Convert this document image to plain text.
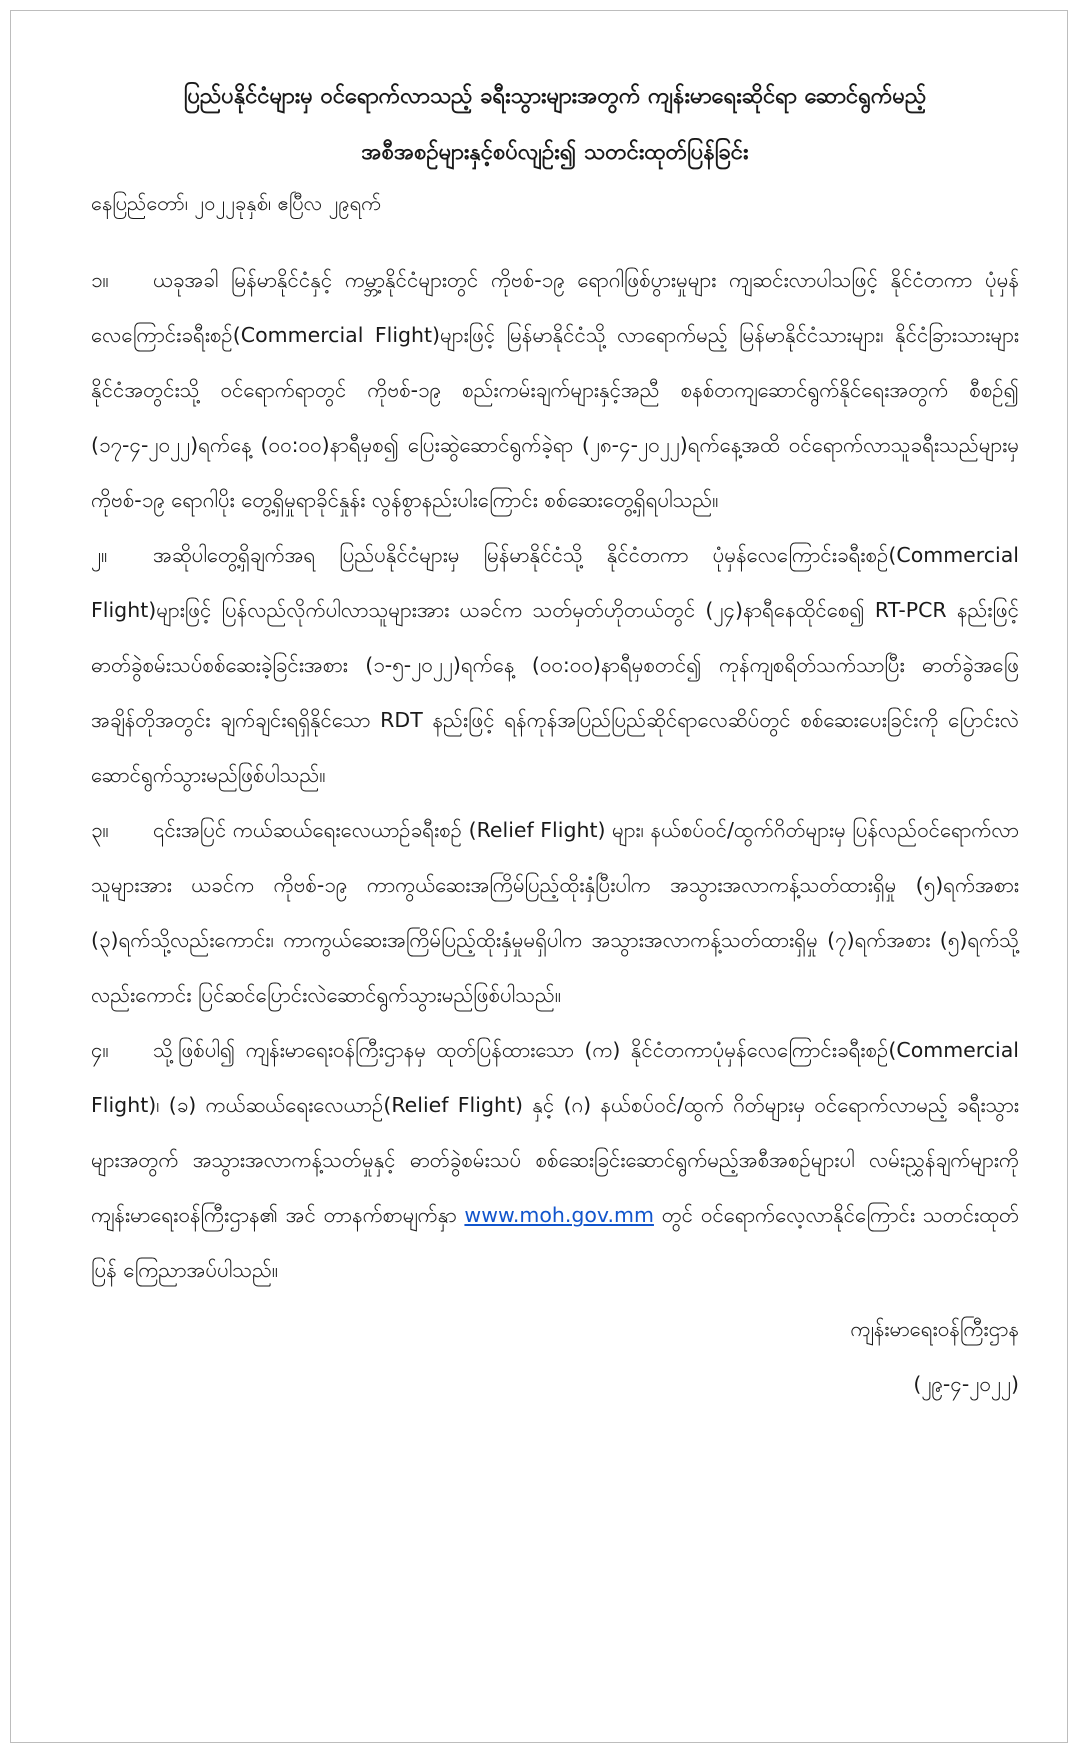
ပြည်ပနိုင်ငံများမှ ဝင်ရောက်လာသည့် ခရီးသွားများအတွက် ကျန်းမာရေးဆိုင်ရာ ဆောင်ရွက်မည့်

အစီအစဉ်များနှင့်စပ်လျဉ်း၍ သတင်းထုတ်ပြန်ခြင်း

နေပြည်တော်၊ ၂၀၂၂ခုနှစ်၊ ဧပြီလ ၂၉ရက်

၁။ ယခုအခါ မြန်မာနိုင်ငံနှင့် ကမ္ဘာ့နိုင်ငံများတွင် ကိုဗစ်-၁၉ ရောဂါဖြစ်ပွားမှုများ ကျဆင်းလာပါသဖြင့် နိုင်ငံတကာ ပုံမှန်လေကြောင်းခရီးစဉ်(Commercial Flight)များဖြင့် မြန်မာနိုင်ငံသို့ လာရောက်မည့် မြန်မာနိုင်ငံသားများ၊ နိုင်ငံခြားသားများ နိုင်ငံအတွင်းသို့ ဝင်ရောက်ရာတွင် ကိုဗစ်-၁၉ စည်းကမ်းချက်များနှင့်အညီ စနစ်တကျဆောင်ရွက်နိုင်ရေးအတွက် စီစဉ်၍ (၁၇-၄-၂၀၂၂)ရက်နေ့ (၀၀:၀၀)နာရီမှစ၍ ပြေးဆွဲဆောင်ရွက်ခဲ့ရာ (၂၈-၄-၂၀၂၂)ရက်နေ့အထိ ဝင်ရောက်လာသူခရီးသည်များမှ ကိုဗစ်-၁၉ ရောဂါပိုး တွေ့ရှိမှုရာခိုင်နှုန်း လွန်စွာနည်းပါးကြောင်း စစ်ဆေးတွေ့ရှိရပါသည်။

၂။ အဆိုပါတွေ့ရှိချက်အရ ပြည်ပနိုင်ငံများမှ မြန်မာနိုင်ငံသို့ နိုင်ငံတကာ ပုံမှန်လေကြောင်းခရီးစဉ်(Commercial Flight)များဖြင့် ပြန်လည်လိုက်ပါလာသူများအား ယခင်က သတ်မှတ်ဟိုတယ်တွင် (၂၄)နာရီနေထိုင်စေ၍ RT-PCR နည်းဖြင့် ဓာတ်ခွဲစမ်းသပ်စစ်ဆေးခဲ့ခြင်းအစား (၁-၅-၂၀၂၂)ရက်နေ့ (၀၀:၀၀)နာရီမှစတင်၍ ကုန်ကျစရိတ်သက်သာပြီး ဓာတ်ခွဲအဖြေ အချိန်တိုအတွင်း ချက်ချင်းရရှိနိုင်သော RDT နည်းဖြင့် ရန်ကုန်အပြည်ပြည်ဆိုင်ရာလေဆိပ်တွင် စစ်ဆေးပေးခြင်းကို ပြောင်းလဲဆောင်ရွက်သွားမည်ဖြစ်ပါသည်။

၃။ ၎င်းအပြင် ကယ်ဆယ်ရေးလေယာဉ်ခရီးစဉ် (Relief Flight) များ၊ နယ်စပ်ဝင်/ထွက်ဂိတ်များမှ ပြန်လည်ဝင်ရောက်လာသူများအား ယခင်က ကိုဗစ်-၁၉ ကာကွယ်ဆေးအကြိမ်ပြည့်ထိုးနှံပြီးပါက အသွားအလာကန့်သတ်ထားရှိမှု (၅)ရက်အစား (၃)ရက်သို့လည်းကောင်း၊ ကာကွယ်ဆေးအကြိမ်ပြည့်ထိုးနှံမှုမရှိပါက အသွားအလာကန့်သတ်ထားရှိမှု (၇)ရက်အစား (၅)ရက်သို့လည်းကောင်း ပြင်ဆင်ပြောင်းလဲဆောင်ရွက်သွားမည်ဖြစ်ပါသည်။

၄။ သို့ဖြစ်ပါ၍ ကျန်းမာရေးဝန်ကြီးဌာနမှ ထုတ်ပြန်ထားသော (က) နိုင်ငံတကာပုံမှန်လေကြောင်းခရီးစဉ်(Commercial Flight)၊ (ခ) ကယ်ဆယ်ရေးလေယာဉ်(Relief Flight) နှင့် (ဂ) နယ်စပ်ဝင်/ထွက် ဂိတ်များမှ ဝင်ရောက်လာမည့် ခရီးသွားများအတွက် အသွားအလာကန့်သတ်မှုနှင့် ဓာတ်ခွဲစမ်းသပ် စစ်ဆေးခြင်းဆောင်ရွက်မည့်အစီအစဉ်များပါ လမ်းညွှန်ချက်များကို ကျန်းမာရေးဝန်ကြီးဌာန၏ အင် တာနက်စာမျက်နှာ www.moh.gov.mm တွင် ဝင်ရောက်လေ့လာနိုင်ကြောင်း သတင်းထုတ်ပြန် ကြေညာအပ်ပါသည်။

ကျန်းမာရေးဝန်ကြီးဌာန

(၂၉-၄-၂၀၂၂)
